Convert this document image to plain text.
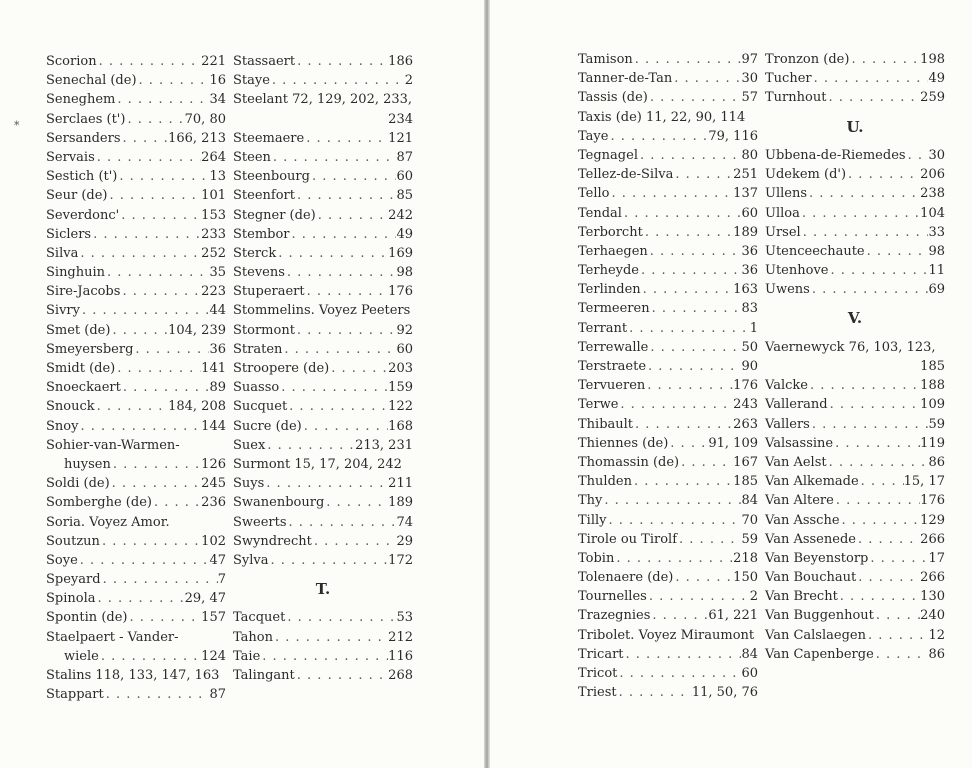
*
Scorion . . .	221
Senechal (de) . . .	16
Seneghem . . .	34
Serclaes (t') . . .	70, 80
Sersanders . . .	166, 213
Servais . . .	264
Sestich (t') . . .	13
Seur (de) . . .	101
Severdonc' . . .	153
Siclers . . .	233
Silva . . .	252
Singhuin . . .	35
Sire-Jacobs . . .	223
Sivry . . .	44
Smet (de) . . .	104, 239
Smeyersberg . . .	36
Smidt (de) . . .	141
Snoeckaert . . .	89
Snouck . . .	184, 208
Snoy . . .	144
Sohier-van-Warmen-
huysen . . .	126
Soldi (de) . . .	245
Somberghe (de) . . .	236
Soria. Voyez Amor.
Soutzun . . .	102
Soye . . .	47
Speyard . . .	7
Spinola . . .	29, 47
Spontin (de) . . .	157
Staelpaert - Vander-
wiele . . .	124
Stalins 118, 133, 147, 163
Stappart . . .	87
Stassaert . . .	186
Staye . . .	2
Steelant 72, 129, 202, 233,
234
Steemaere . . .	121
Steen . . .	87
Steenbourg . . .	60
Steenfort . . .	85
Stegner (de) . . .	242
Stembor . . .	49
Sterck . . .	169
Stevens . . .	98
Stuperaert . . .	176
Stommelins. Voyez Peeters
Stormont . . .	92
Straten . . .	60
Stroopere (de) . . .	203
Suasso . . .	159
Sucquet . . .	122
Sucre (de) . . .	168
Suex . . .	213, 231
Surmont 15, 17, 204, 242
Suys . . .	211
Swanenbourg . . .	189
Sweerts . . .	74
Swyndrecht . . .	29
Sylva . . .	172
T.
Tacquet . . .	53
Tahon . . .	212
Taie . . .	116
Talingant . . .	268
Tamison . . .	97
Tanner-de-Tan . . .	30
Tassis (de) . . .	57
Taxis (de) 11, 22, 90, 114
Taye . . .	79, 116
Tegnagel . . .	80
Tellez-de-Silva . . .	251
Tello . . .	137
Tendal . . .	60
Terborcht . . .	189
Terhaegen . . .	36
Terheyde . . .	36
Terlinden . . .	163
Termeeren . . .	83
Terrant . . .	1
Terrewalle . . .	50
Terstraete . . .	90
Tervueren . . .	176
Terwe . . .	243
Thibault . . .	263
Thiennes (de) . . .	91, 109
Thomassin (de) . . .	167
Thulden . . .	185
Thy . . .	84
Tilly . . .	70
Tirole ou Tirolf . . .	59
Tobin . . .	218
Tolenaere (de) . . .	150
Tournelles . . .	2
Trazegnies . . .	61, 221
Tribolet. Voyez Miraumont
Tricart . . .	84
Tricot . . .	60
Triest . . .	11, 50, 76
Tronzon (de) . . .	198
Tucher . . .	49
Turnhout . . .	259
U.
Ubbena-de-Riemedes . . . 30
Udekem (d') . . .	206
Ullens . . .	238
Ulloa . . .	104
Ursel . . .	33
Utenceechaute . . .	98
Utenhove . . .	11
Uwens . . .	69
V.
Vaernewyck 76, 103, 123,
185
Valcke . . .	188
Vallerand . . .	109
Vallers . . .	59
Valsassine . . .	119
Van Aelst . . .	86
Van Alkemade . . .	15, 17
Van Altere . . .	176
Van Assche . . .	129
Van Assenede . . .	266
Van Beyenstorp . . .	17
Van Bouchaut . . .	266
Van Brecht . . .	130
Van Buggenhout . . .	240
Van Calslaegen . . .	12
Van Capenberge . . .	86
